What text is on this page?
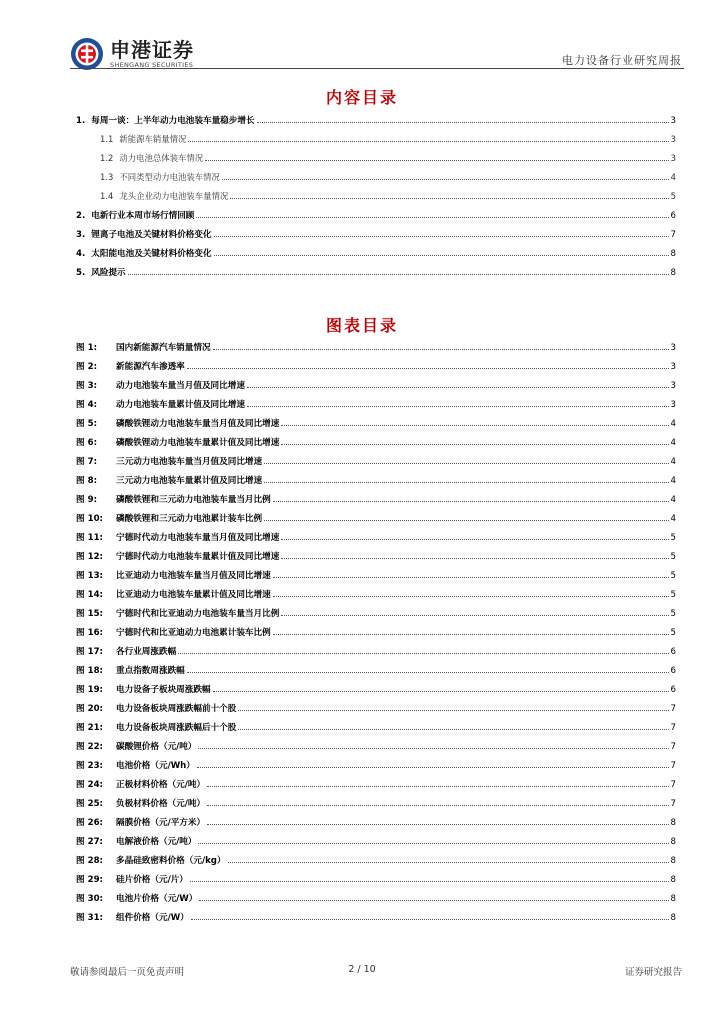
申港证券
SHENGANG SECURITIES	电力设备行业研究周报
内容目录
1. 每周一谈：上半年动力电池装车量稳步增长	3
1.1 新能源车销量情况	3
1.2 动力电池总体装车情况	3
1.3 不同类型动力电池装车情况	4
1.4 龙头企业动力电池装车量情况	5
2. 电新行业本周市场行情回顾	6
3. 锂离子电池及关键材料价格变化	7
4. 太阳能电池及关键材料价格变化	8
5. 风险提示	8
图表目录
图 1:	国内新能源汽车销量情况	3
图 2:	新能源汽车渗透率	3
图 3:	动力电池装车量当月值及同比增速	3
图 4:	动力电池装车量累计值及同比增速	3
图 5:	磷酸铁锂动力电池装车量当月值及同比增速	4
图 6:	磷酸铁锂动力电池装车量累计值及同比增速	4
图 7:	三元动力电池装车量当月值及同比增速	4
图 8:	三元动力电池装车量累计值及同比增速	4
图 9:	磷酸铁锂和三元动力电池装车量当月比例	4
图 10:	磷酸铁锂和三元动力电池累计装车比例	4
图 11:	宁德时代动力电池装车量当月值及同比增速	5
图 12:	宁德时代动力电池装车量累计值及同比增速	5
图 13:	比亚迪动力电池装车量当月值及同比增速	5
图 14:	比亚迪动力电池装车量累计值及同比增速	5
图 15:	宁德时代和比亚迪动力电池装车量当月比例	5
图 16:	宁德时代和比亚迪动力电池累计装车比例	5
图 17:	各行业周涨跌幅	6
图 18:	重点指数周涨跌幅	6
图 19:	电力设备子板块周涨跌幅	6
图 20:	电力设备板块周涨跌幅前十个股	7
图 21:	电力设备板块周涨跌幅后十个股	7
图 22:	碳酸锂价格（元/吨）	7
图 23:	电池价格（元/Wh）	7
图 24:	正极材料价格（元/吨）	7
图 25:	负极材料价格（元/吨）	7
图 26:	隔膜价格（元/平方米）	8
图 27:	电解液价格（元/吨）	8
图 28:	多晶硅致密料价格（元/kg）	8
图 29:	硅片价格（元/片）	8
图 30:	电池片价格（元/W）	8
图 31:	组件价格（元/W）	8
敬请参阅最后一页免责声明	2 / 10	证券研究报告
